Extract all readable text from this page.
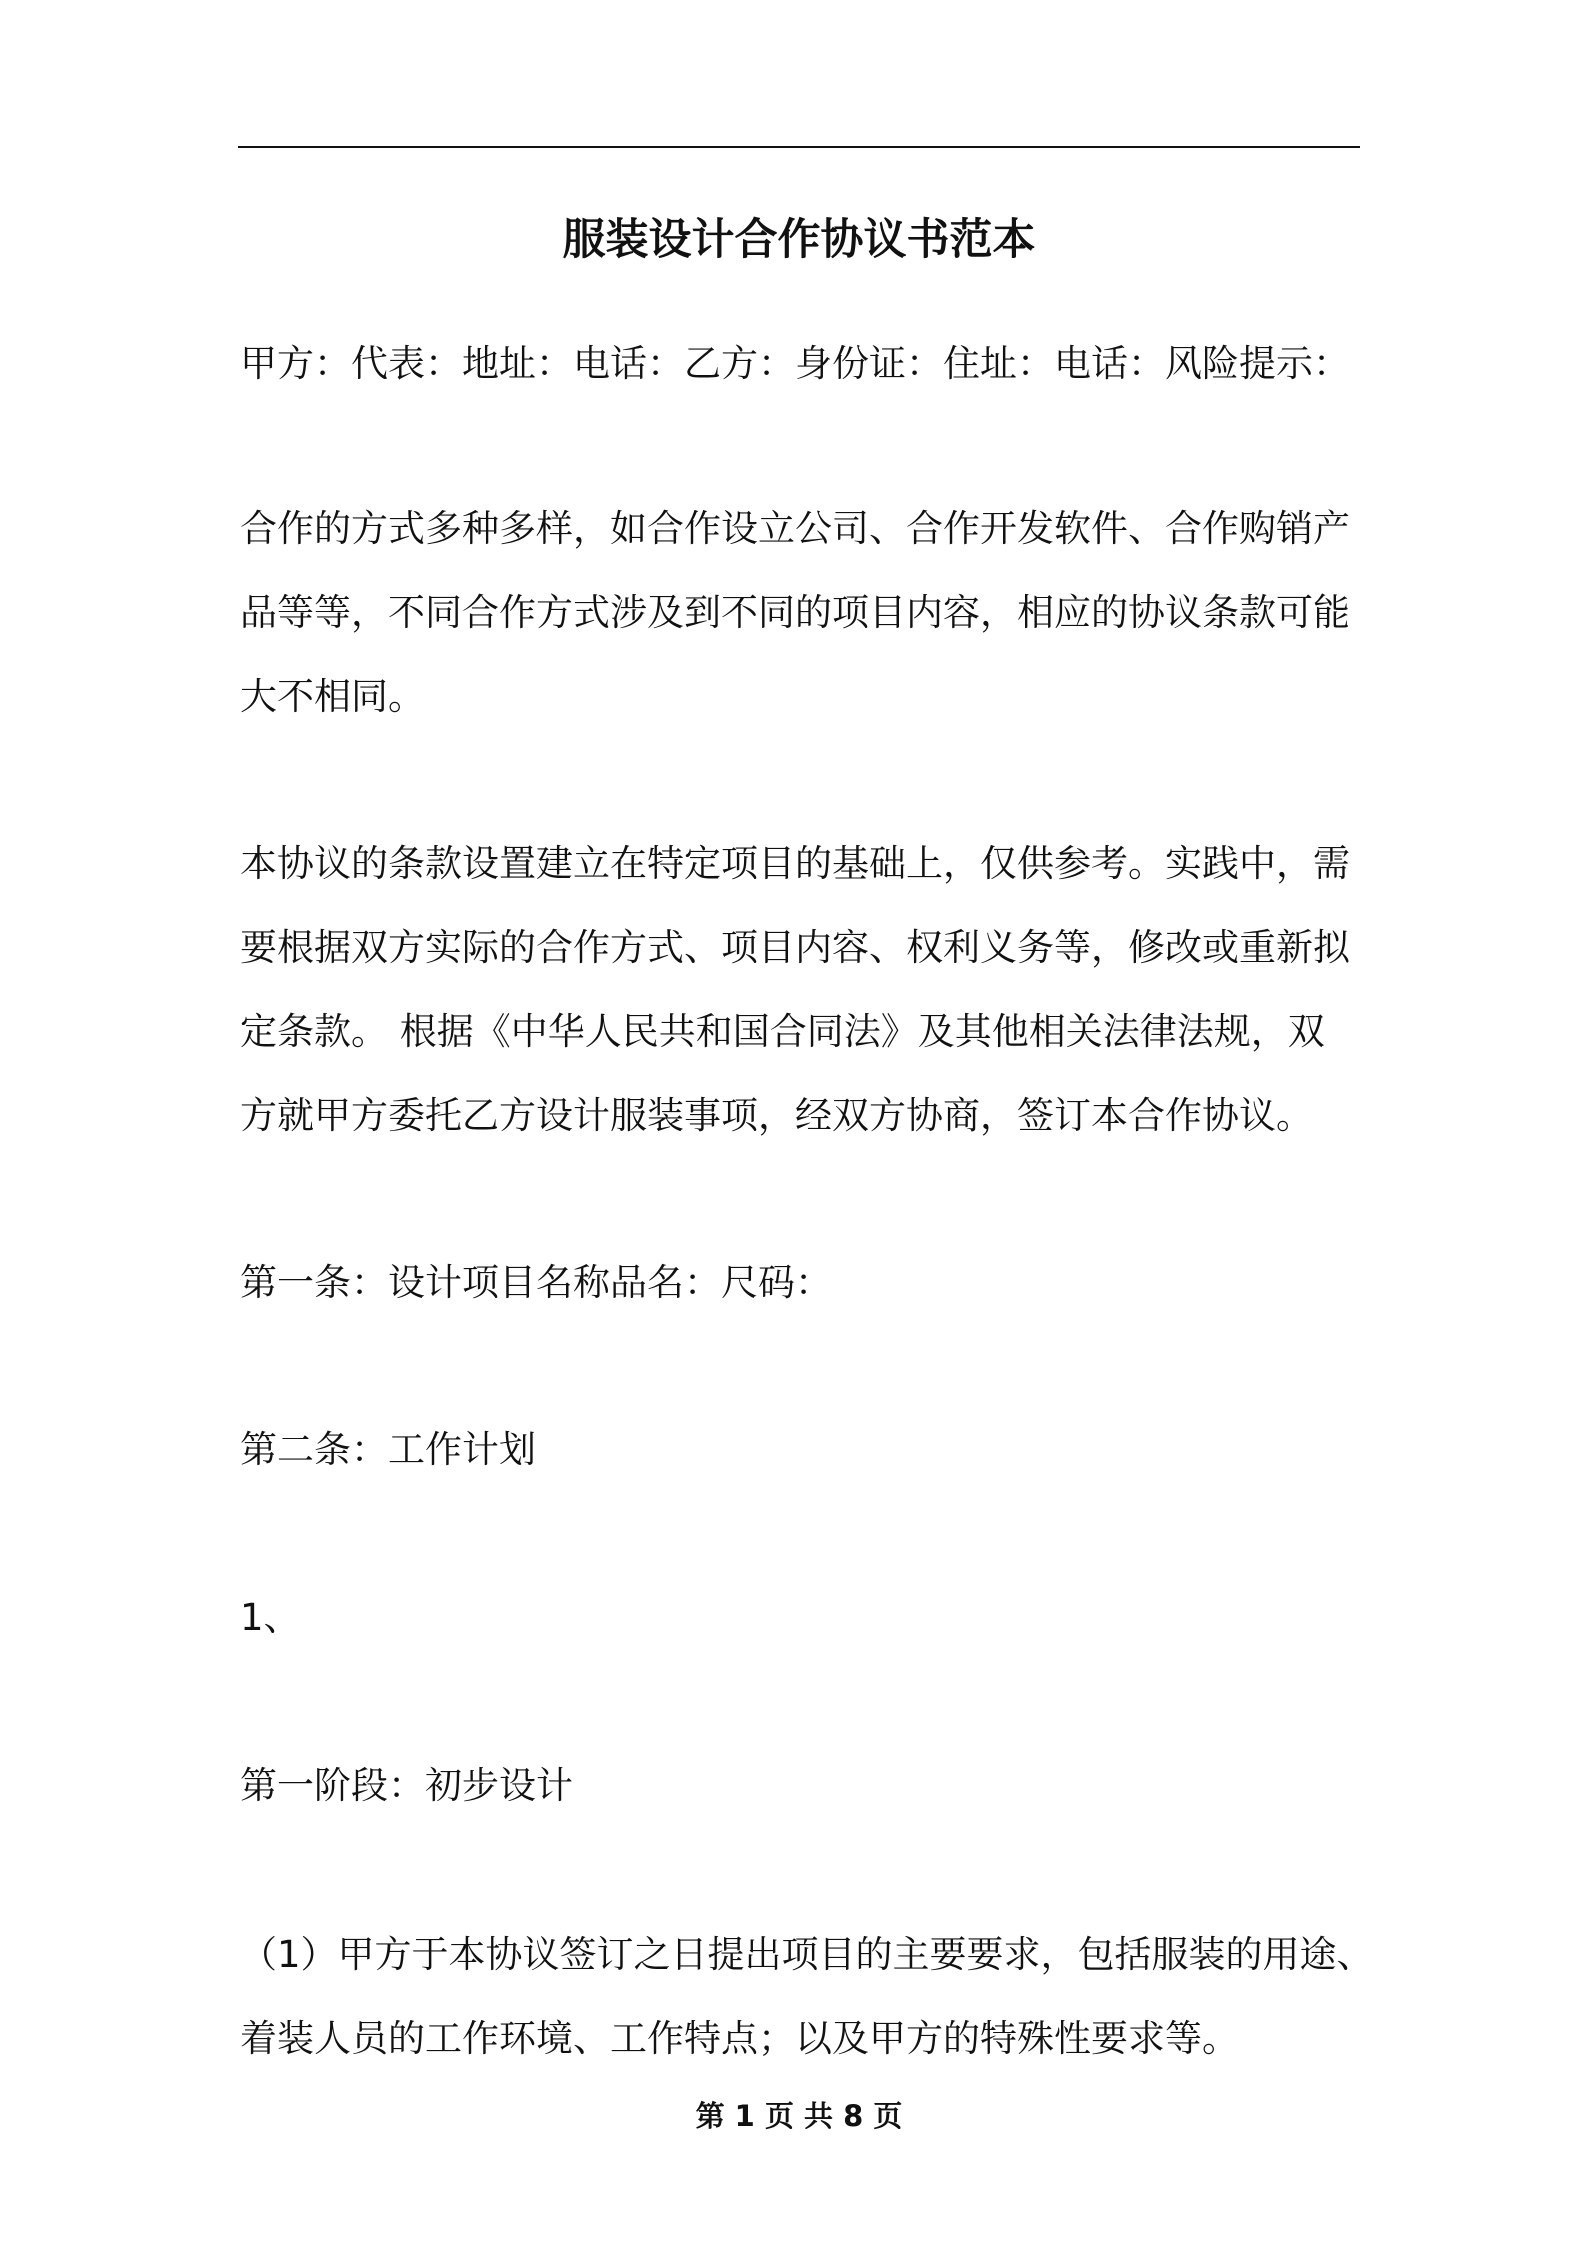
服装设计合作协议书范本

甲方：代表：地址：电话：乙方：身份证：住址：电话：风险提示：

合作的方式多种多样，如合作设立公司、合作开发软件、合作购销产
品等等，不同合作方式涉及到不同的项目内容，相应的协议条款可能
大不相同。

本协议的条款设置建立在特定项目的基础上，仅供参考。实践中，需
要根据双方实际的合作方式、项目内容、权利义务等，修改或重新拟
定条款。 根据《中华人民共和国合同法》及其他相关法律法规，双
方就甲方委托乙方设计服装事项，经双方协商，签订本合作协议。

第一条：设计项目名称品名：尺码：

第二条：工作计划

1、

第一阶段：初步设计

（1）甲方于本协议签订之日提出项目的主要要求，包括服装的用途、
着装人员的工作环境、工作特点；以及甲方的特殊性要求等。

第 1 页 共 8 页
